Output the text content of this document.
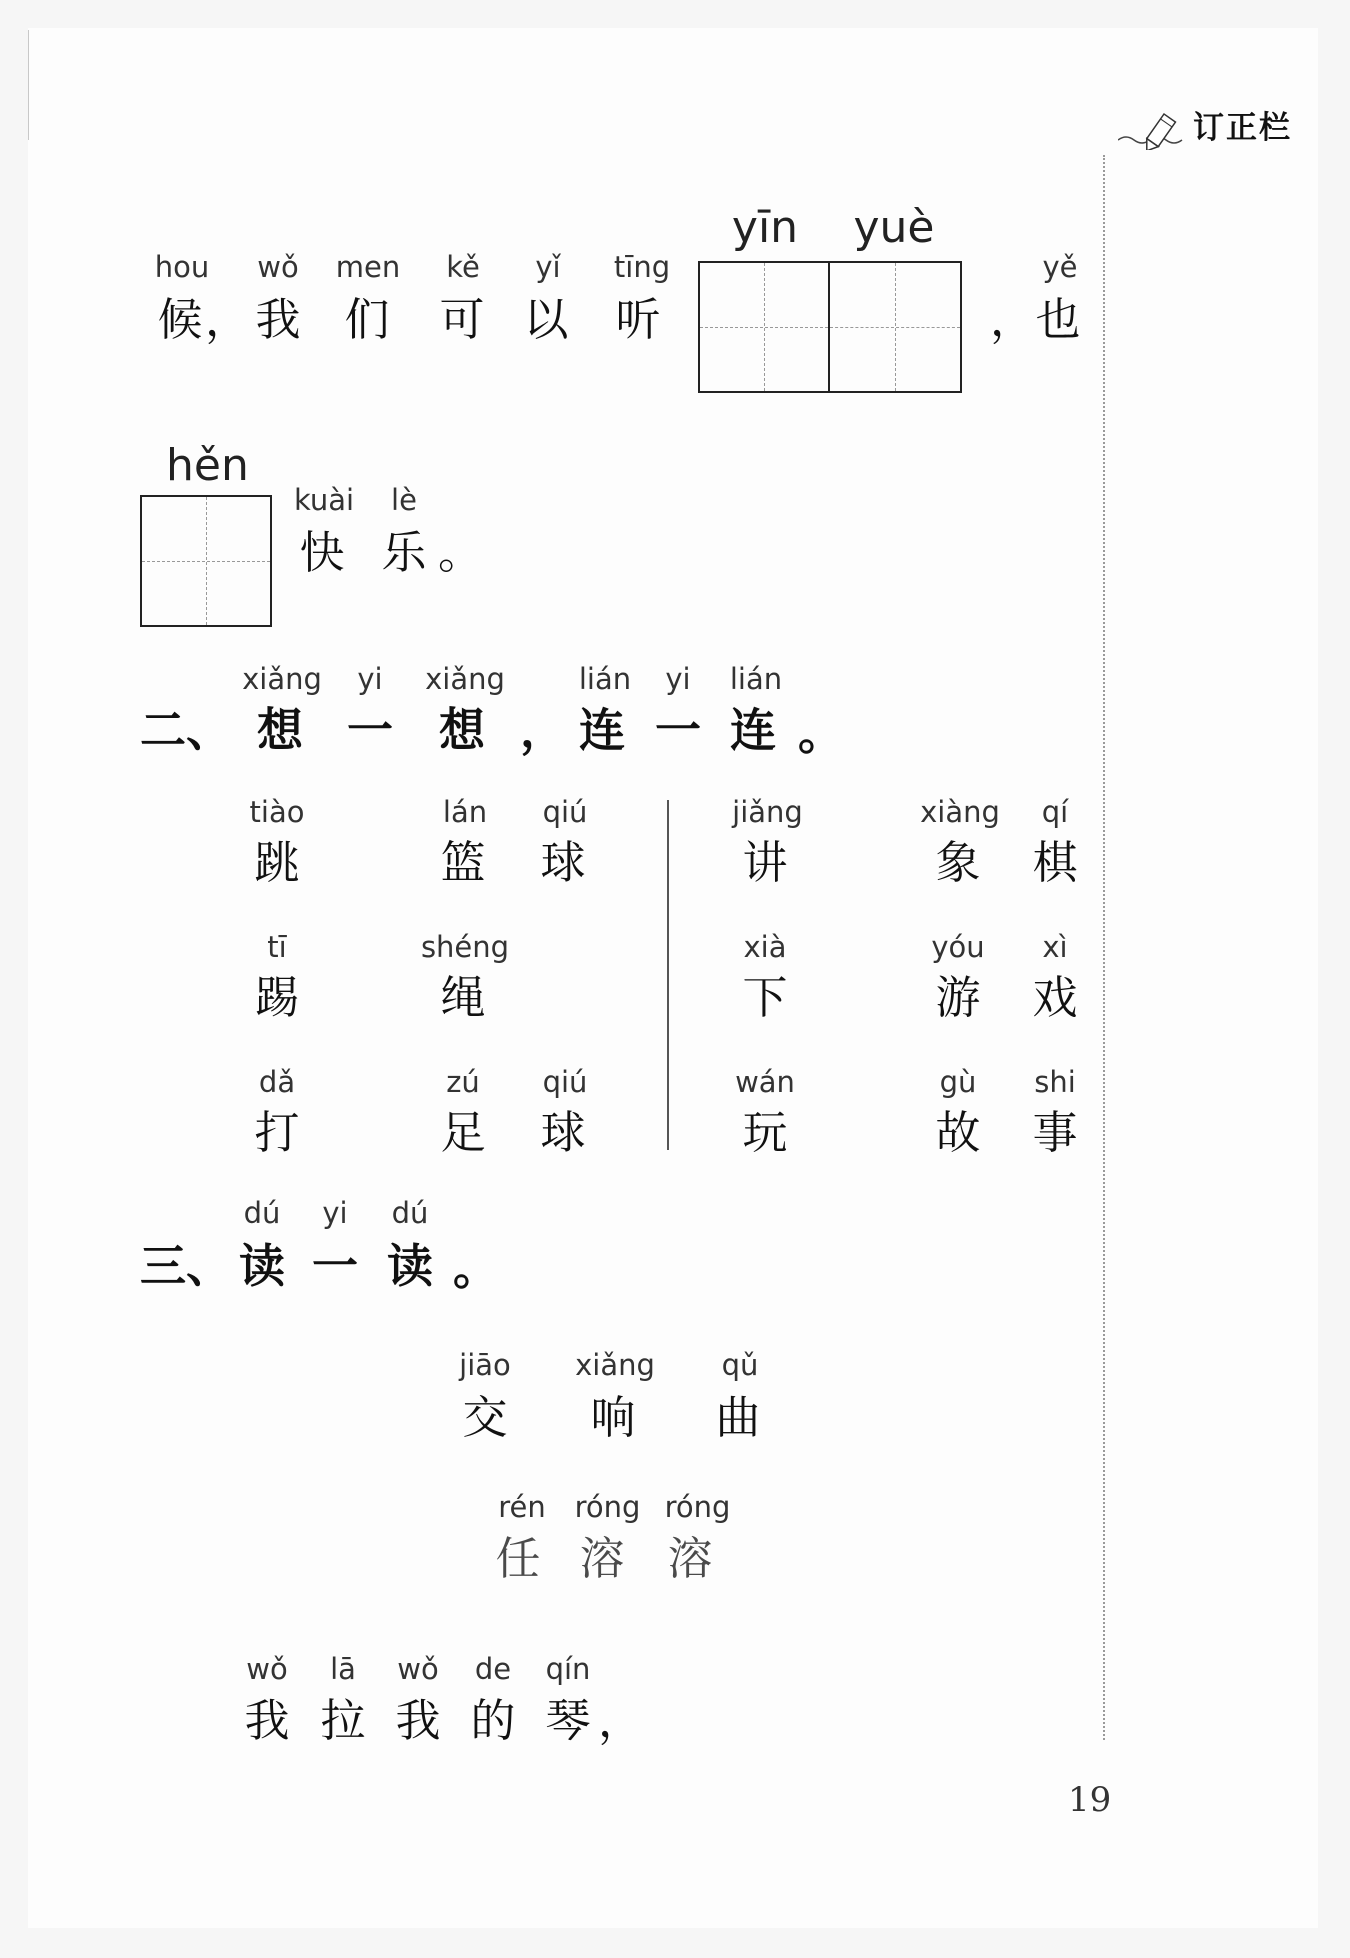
订正栏
hou
候 ，
wǒ
我
men
们
kě
可
yǐ
以
tīng
听
yīn	yuè
，
yě
也
hěn
kuài
快
lè
乐 。
二、
xiǎng
想
yi
一
xiǎng
想 ，
lián
连
yi
一
lián
连 。
tiào
跳
lán
篮
qiú
球
tī
踢
shéng
绳
dǎ
打
zú
足
qiú
球
jiǎng
讲
xiàng
象
qí
棋
xià
下
yóu
游
xì
戏
wán
玩
gù
故
shi
事
三、
dú
读
yi
一
dú
读 。
jiāo
交
xiǎng
响
qǔ
曲
rén
任
róng
溶
róng
溶
wǒ
我
lā
拉
wǒ
我
de
的
qín
琴 ，
19
